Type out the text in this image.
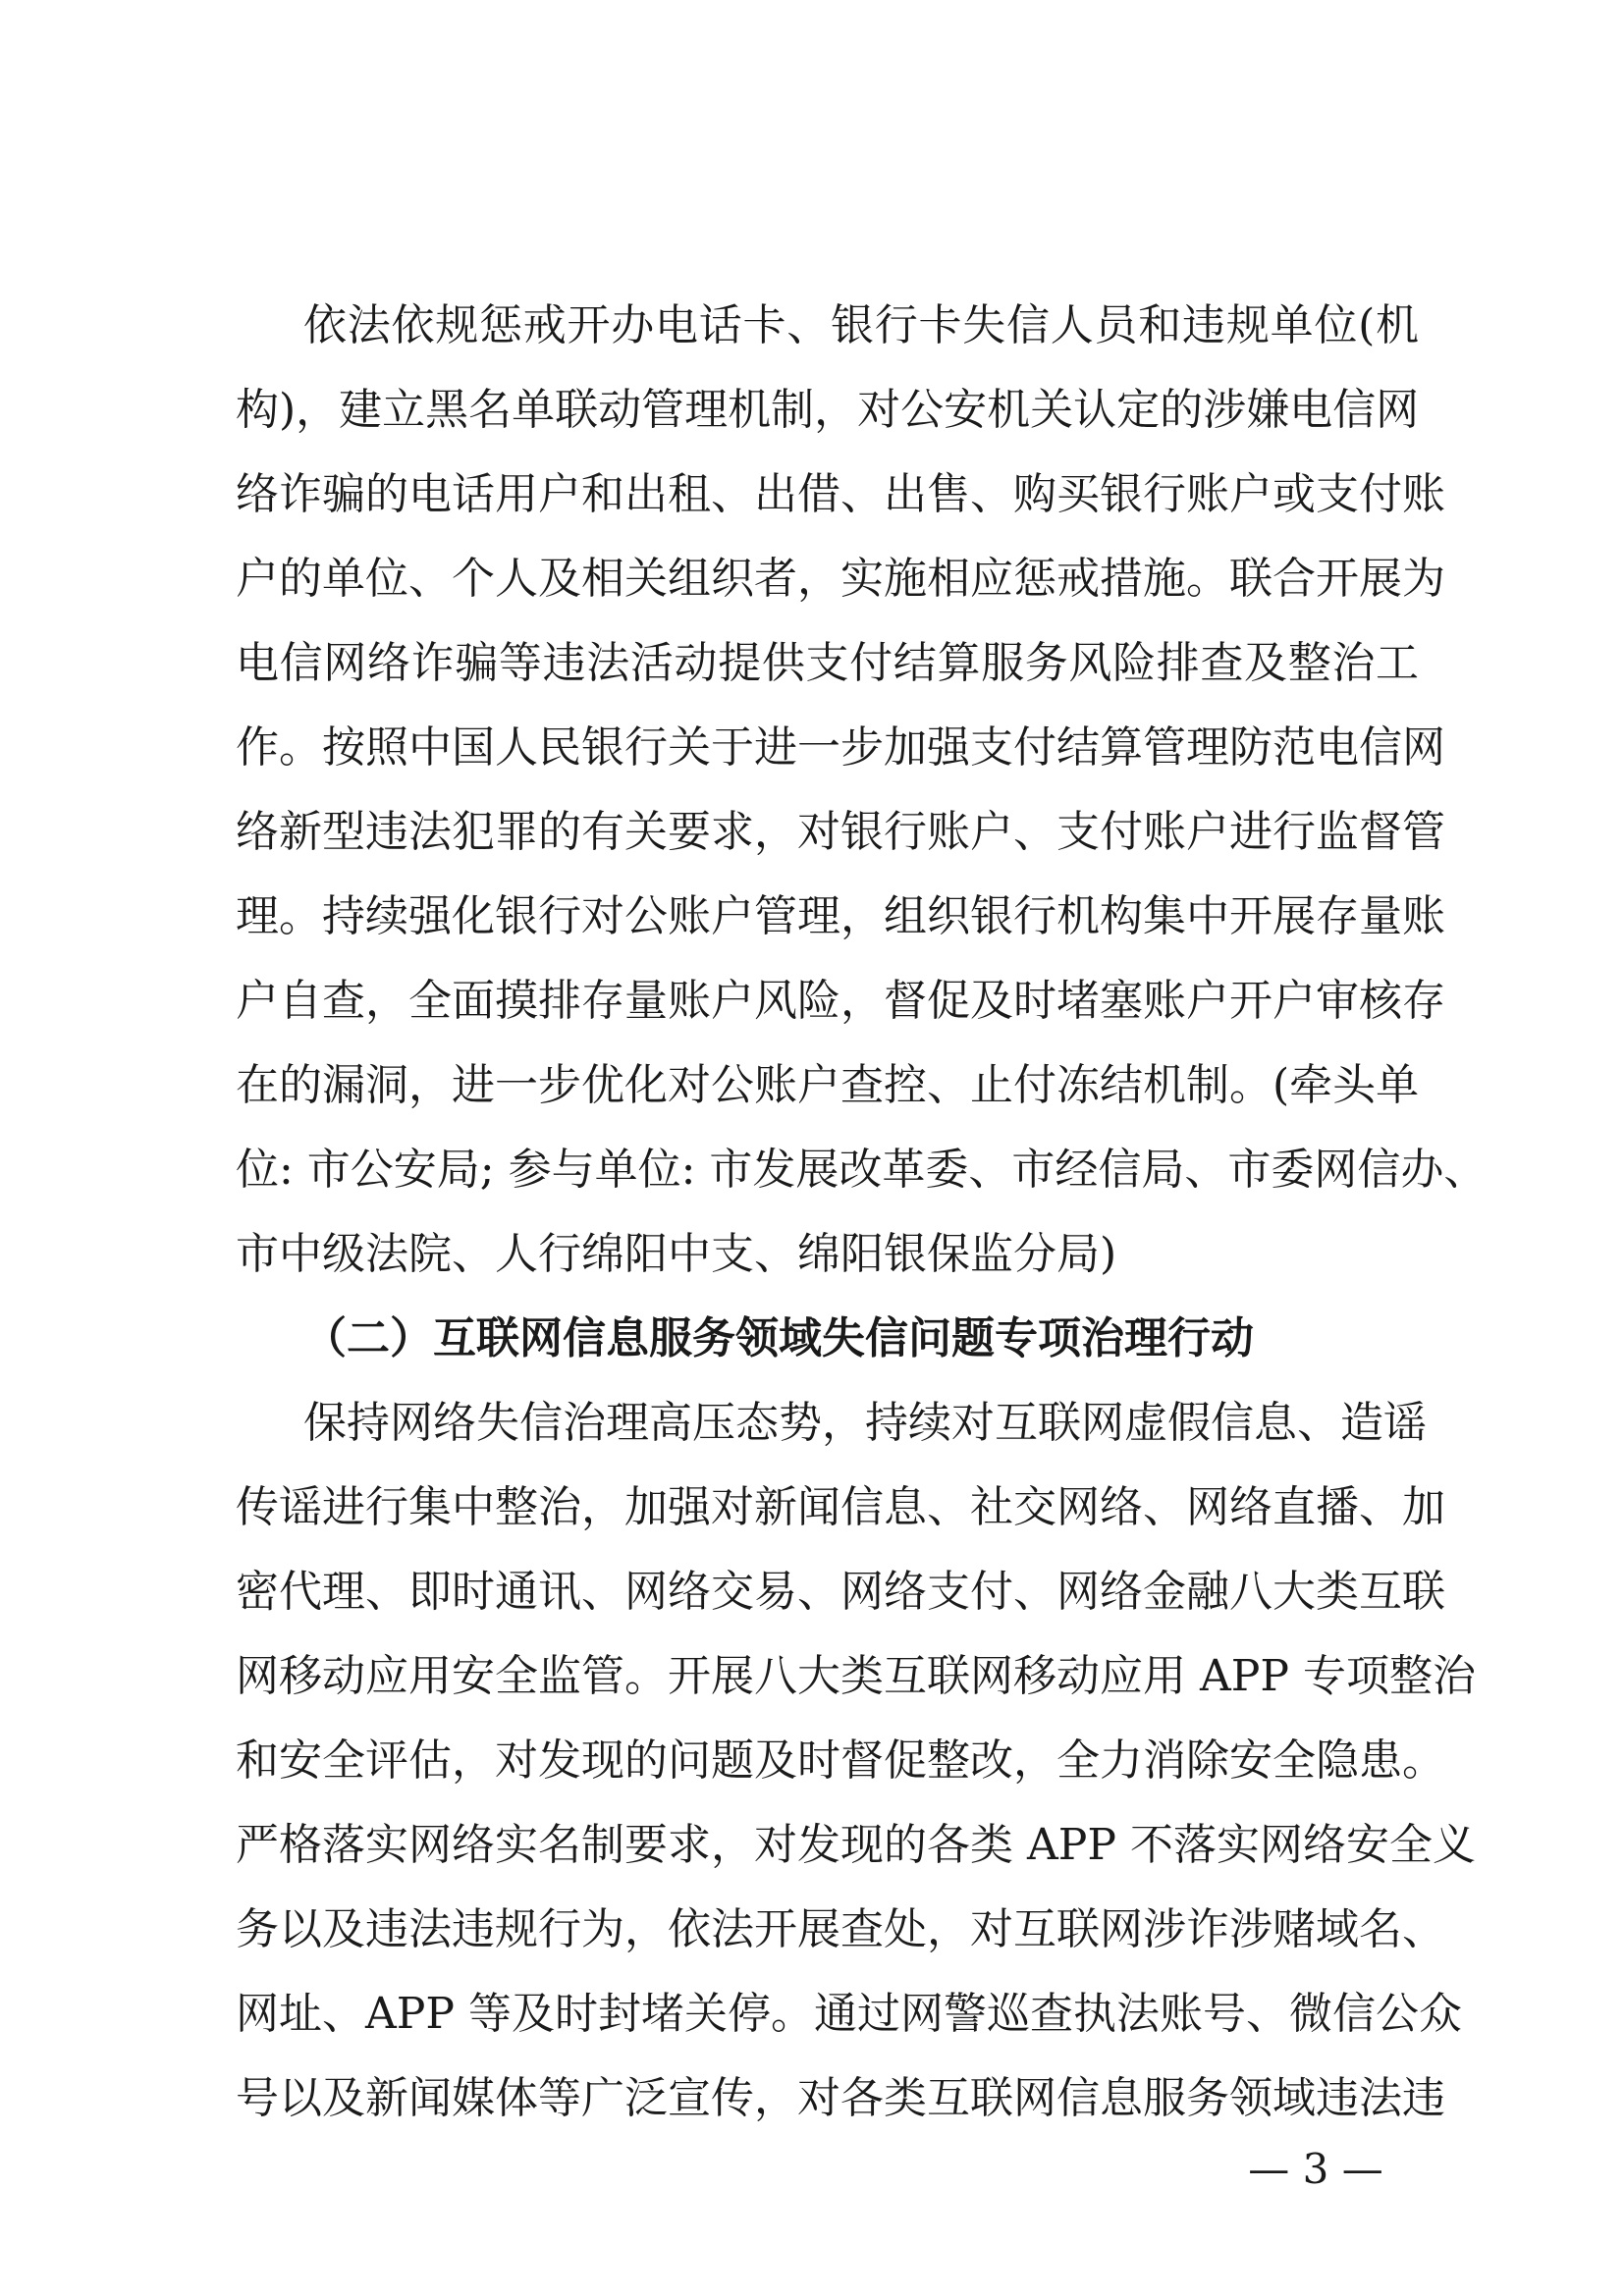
依法依规惩戒开办电话卡、银行卡失信人员和违规单位(机
构)，建立黑名单联动管理机制，对公安机关认定的涉嫌电信网
络诈骗的电话用户和出租、出借、出售、购买银行账户或支付账
户的单位、个人及相关组织者，实施相应惩戒措施。联合开展为
电信网络诈骗等违法活动提供支付结算服务风险排查及整治工
作。按照中国人民银行关于进一步加强支付结算管理防范电信网
络新型违法犯罪的有关要求，对银行账户、支付账户进行监督管
理。持续强化银行对公账户管理，组织银行机构集中开展存量账
户自查，全面摸排存量账户风险，督促及时堵塞账户开户审核存
在的漏洞，进一步优化对公账户查控、止付冻结机制。(牵头单
位: 市公安局; 参与单位: 市发展改革委、市经信局、市委网信办、
市中级法院、人行绵阳中支、绵阳银保监分局)
（二）互联网信息服务领域失信问题专项治理行动
保持网络失信治理高压态势，持续对互联网虚假信息、造谣
传谣进行集中整治，加强对新闻信息、社交网络、网络直播、加
密代理、即时通讯、网络交易、网络支付、网络金融八大类互联
网移动应用安全监管。开展八大类互联网移动应用 APP 专项整治
和安全评估，对发现的问题及时督促整改，全力消除安全隐患。
严格落实网络实名制要求，对发现的各类 APP 不落实网络安全义
务以及违法违规行为，依法开展查处，对互联网涉诈涉赌域名、
网址、APP 等及时封堵关停。通过网警巡查执法账号、微信公众
号以及新闻媒体等广泛宣传，对各类互联网信息服务领域违法违
— 3 —
